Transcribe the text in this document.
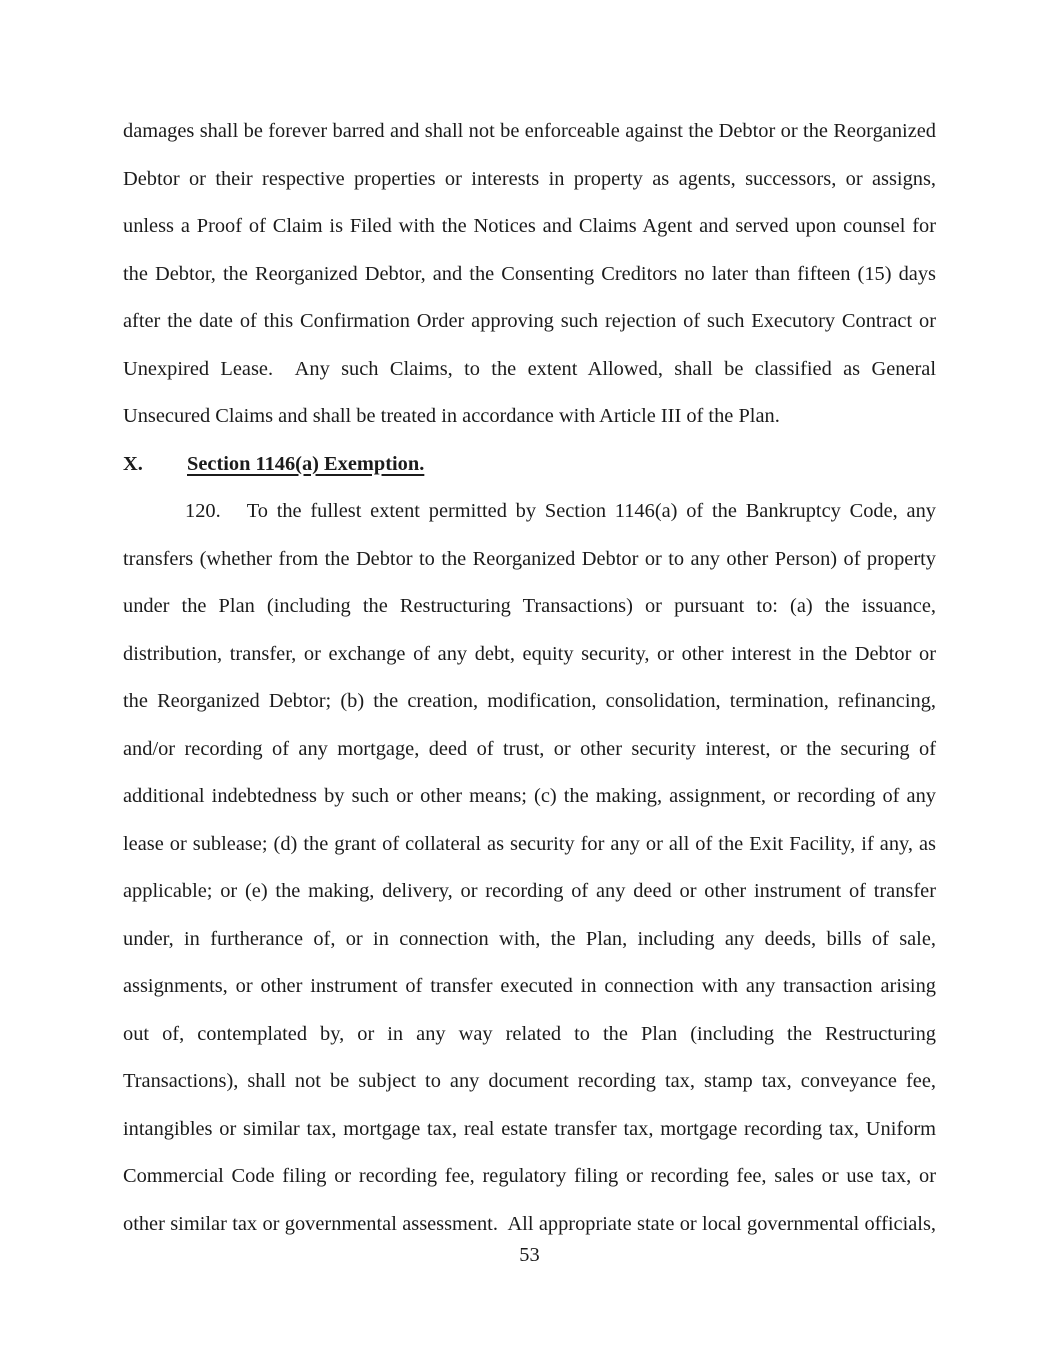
damages shall be forever barred and shall not be enforceable against the Debtor or the Reorganized
Debtor or their respective properties or interests in property as agents, successors, or assigns,
unless a Proof of Claim is Filed with the Notices and Claims Agent and served upon counsel for
the Debtor, the Reorganized Debtor, and the Consenting Creditors no later than fifteen (15) days
after the date of this Confirmation Order approving such rejection of such Executory Contract or
Unexpired Lease.  Any such Claims, to the extent Allowed, shall be classified as General
Unsecured Claims and shall be treated in accordance with Article III of the Plan.
X. Section 1146(a) Exemption.
120. To the fullest extent permitted by Section 1146(a) of the Bankruptcy Code, any
transfers (whether from the Debtor to the Reorganized Debtor or to any other Person) of property
under the Plan (including the Restructuring Transactions) or pursuant to: (a) the issuance,
distribution, transfer, or exchange of any debt, equity security, or other interest in the Debtor or
the Reorganized Debtor; (b) the creation, modification, consolidation, termination, refinancing,
and/or recording of any mortgage, deed of trust, or other security interest, or the securing of
additional indebtedness by such or other means; (c) the making, assignment, or recording of any
lease or sublease; (d) the grant of collateral as security for any or all of the Exit Facility, if any, as
applicable; or (e) the making, delivery, or recording of any deed or other instrument of transfer
under, in furtherance of, or in connection with, the Plan, including any deeds, bills of sale,
assignments, or other instrument of transfer executed in connection with any transaction arising
out of, contemplated by, or in any way related to the Plan (including the Restructuring
Transactions), shall not be subject to any document recording tax, stamp tax, conveyance fee,
intangibles or similar tax, mortgage tax, real estate transfer tax, mortgage recording tax, Uniform
Commercial Code filing or recording fee, regulatory filing or recording fee, sales or use tax, or
other similar tax or governmental assessment.  All appropriate state or local governmental officials,
53
